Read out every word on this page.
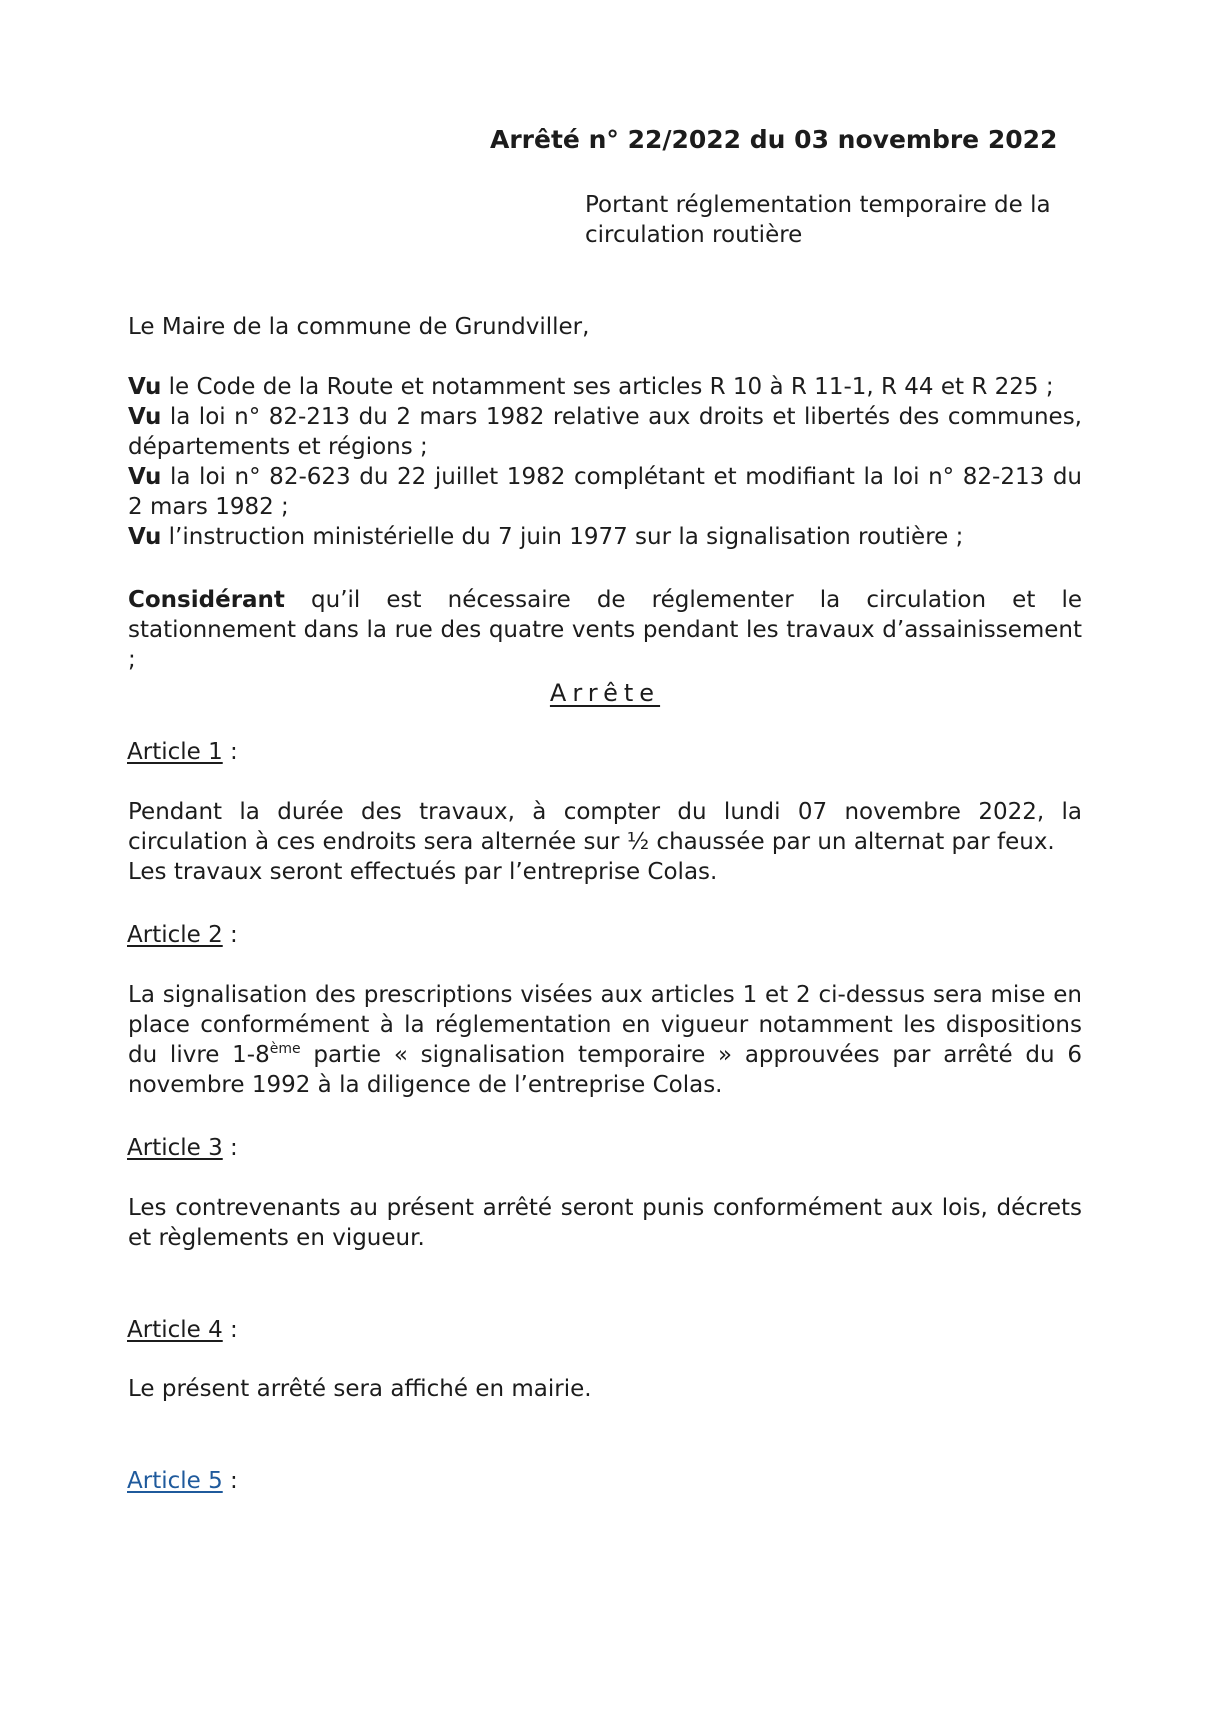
Arrêté n° 22/2022 du 03 novembre 2022
Portant réglementation temporaire de la
circulation routière
Le Maire de la commune de Grundviller,
Vu le Code de la Route et notamment ses articles R 10 à R 11-1, R 44 et R 225 ;
Vu la loi n° 82-213 du 2 mars 1982 relative aux droits et libertés des communes, départements et régions ;
Vu la loi n° 82-623 du 22 juillet 1982 complétant et modifiant la loi n° 82-213 du 2 mars 1982 ;
Vu l’instruction ministérielle du 7 juin 1977 sur la signalisation routière ;
Considérant qu’il est nécessaire de réglementer la circulation et le stationnement dans la rue des quatre vents pendant les travaux d’assainissement ;
Arrête
Article 1 :
Pendant la durée des travaux, à compter du lundi 07 novembre 2022, la circulation à ces endroits sera alternée sur ½ chaussée par un alternat par feux.
Les travaux seront effectués par l’entreprise Colas.
Article 2 :
La signalisation des prescriptions visées aux articles 1 et 2 ci-dessus sera mise en place conformément à la réglementation en vigueur notamment les dispositions du livre 1-8ème partie « signalisation temporaire » approuvées par arrêté du 6 novembre 1992 à la diligence de l’entreprise Colas.
Article 3 :
Les contrevenants au présent arrêté seront punis conformément aux lois, décrets et règlements en vigueur.
Article 4 :
Le présent arrêté sera affiché en mairie.
Article 5 :
